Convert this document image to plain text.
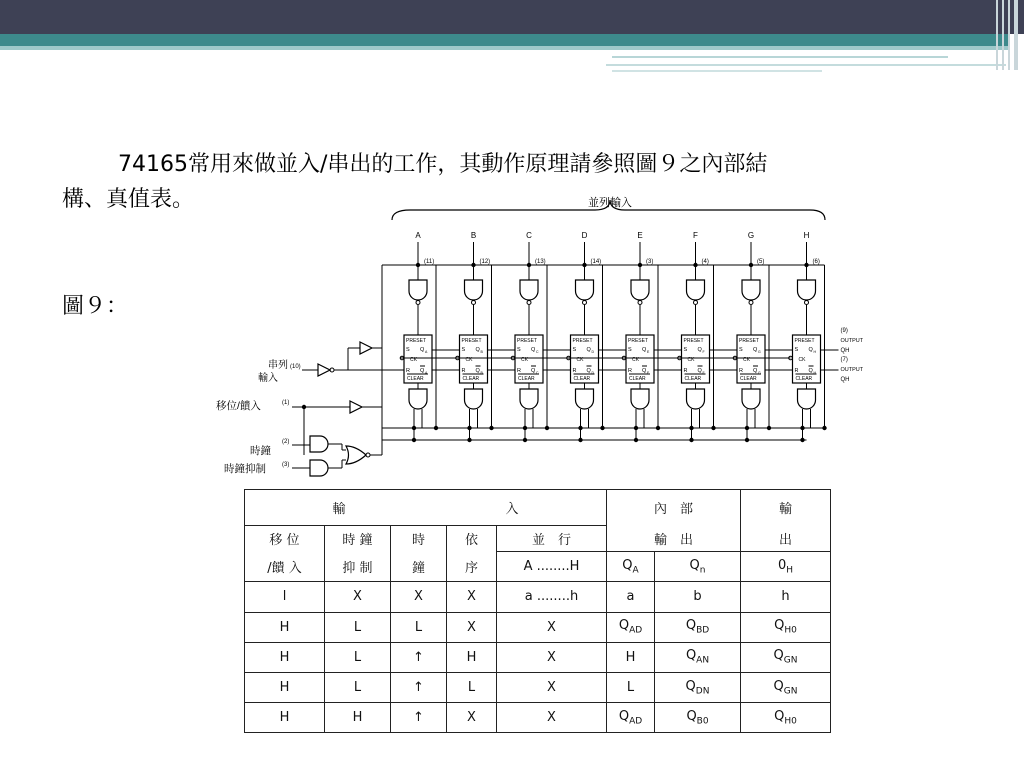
74165常用來做並入/串出的工作，其動作原理請參照圖９之內部結
構、真值表。
圖９：
並列輸入
A
(11)
PRESET
S Q A
CK
R Q A
CLEAR
B
(12)
PRESET
S Q B
CK
R Q B
CLEAR
C
(13)
PRESET
S Q C
CK
R Q C
CLEAR
D
(14)
PRESET
S Q D
CK
R Q D
CLEAR
E
(3)
PRESET
S Q E
CK
R Q E
CLEAR
F
(4)
PRESET
S Q F
CK
R Q F
CLEAR
G
(5)
PRESET
S Q G
CK
R Q G
CLEAR
H
(6)
PRESET
S Q H
CK
R Q H
CLEAR
串列
輸入
(10)
移位/饋入	(1)
時鐘
(2)
時鐘抑制	(3)
(9)
OUTPUT
QH
(7)
OUTPUT
QH
輸 入					內　部		輸
移 位	時 鐘	時	依	並　行	輸　出		出
/饋 入	抑 制	鐘	序	A ........H	$Q_A$	$Q_n$	$0_H$
l	X	X	X	a ........h	a	b	h
H	L	L	X	X	$Q_{AD}$	$Q_{BD}$	$Q_{H0}$
H	L	↑	H	X	H	$Q_{AN}$	$Q_{GN}$
H	L	↑	L	X	L	$Q_{DN}$	$Q_{GN}$
H	H	↑	X	X	$Q_{AD}$	$Q_{B0}$	$Q_{H0}$
